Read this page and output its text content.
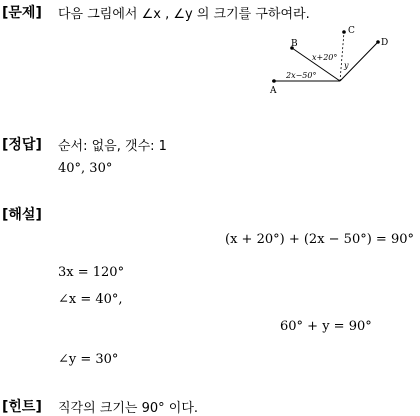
[문제] 다음 그림에서 ∠x , ∠y 의 크기를 구하여라.
A
B
C
D
x+20°
2x−50°
y
[정답] 순서: 없음, 갯수: 1
40°, 30°
[해설]
(x + 20°) + (2x − 50°) = 90°
3x = 120°
∠x = 40°,
60° + y = 90°
∠y = 30°
[힌트] 직각의 크기는 90° 이다.
